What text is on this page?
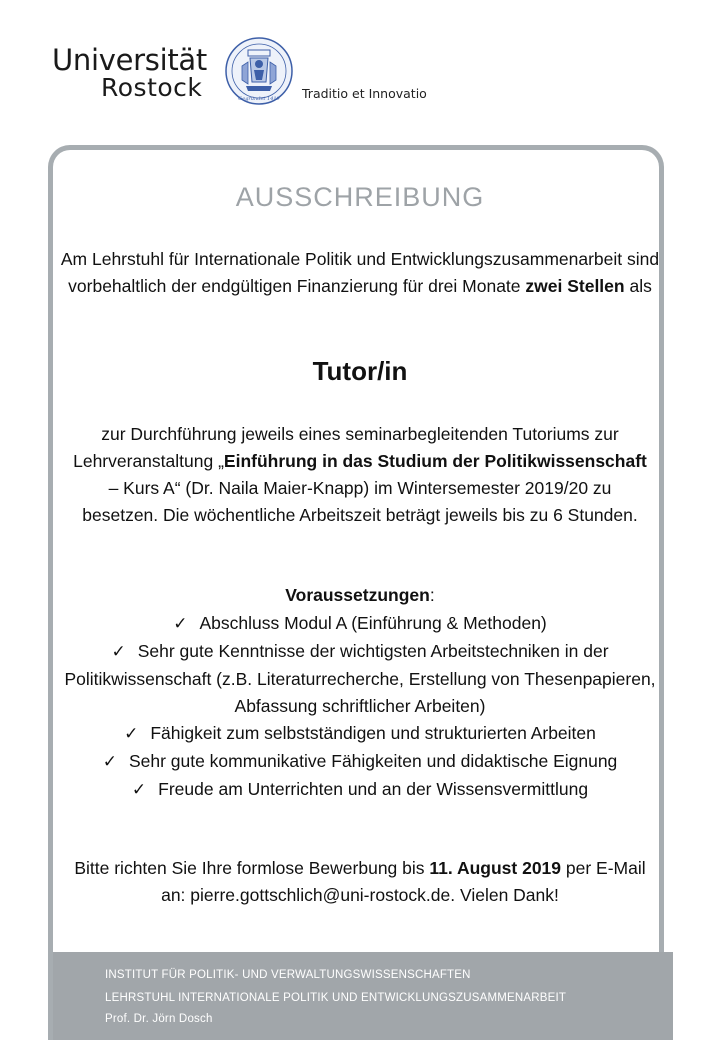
Universität
Rostock	Gegründet 1419 Traditio et Innovatio
AUSSCHREIBUNG
Am Lehrstuhl für Internationale Politik und Entwicklungszusammenarbeit sind vorbehaltlich der endgültigen Finanzierung für drei Monate zwei Stellen als
Tutor/in
zur Durchführung jeweils eines seminarbegleitenden Tutoriums zur Lehrveranstaltung „Einführung in das Studium der Politikwissenschaft – Kurs A“ (Dr. Naila Maier-Knapp) im Wintersemester 2019/20 zu besetzen. Die wöchentliche Arbeitszeit beträgt jeweils bis zu 6 Stunden.
Voraussetzungen:
✓ Abschluss Modul A (Einführung & Methoden)
✓ Sehr gute Kenntnisse der wichtigsten Arbeitstechniken in der Politikwissenschaft (z.B. Literaturrecherche, Erstellung von Thesenpapieren, Abfassung schriftlicher Arbeiten)
✓ Fähigkeit zum selbstständigen und strukturierten Arbeiten
✓ Sehr gute kommunikative Fähigkeiten und didaktische Eignung
✓ Freude am Unterrichten und an der Wissensvermittlung
Bitte richten Sie Ihre formlose Bewerbung bis 11. August 2019 per E-Mail an: pierre.gottschlich@uni-rostock.de. Vielen Dank!
INSTITUT FÜR POLITIK- UND VERWALTUNGSWISSENSCHAFTEN
LEHRSTUHL INTERNATIONALE POLITIK UND ENTWICKLUNGSZUSAMMENARBEIT
Prof. Dr. Jörn Dosch
